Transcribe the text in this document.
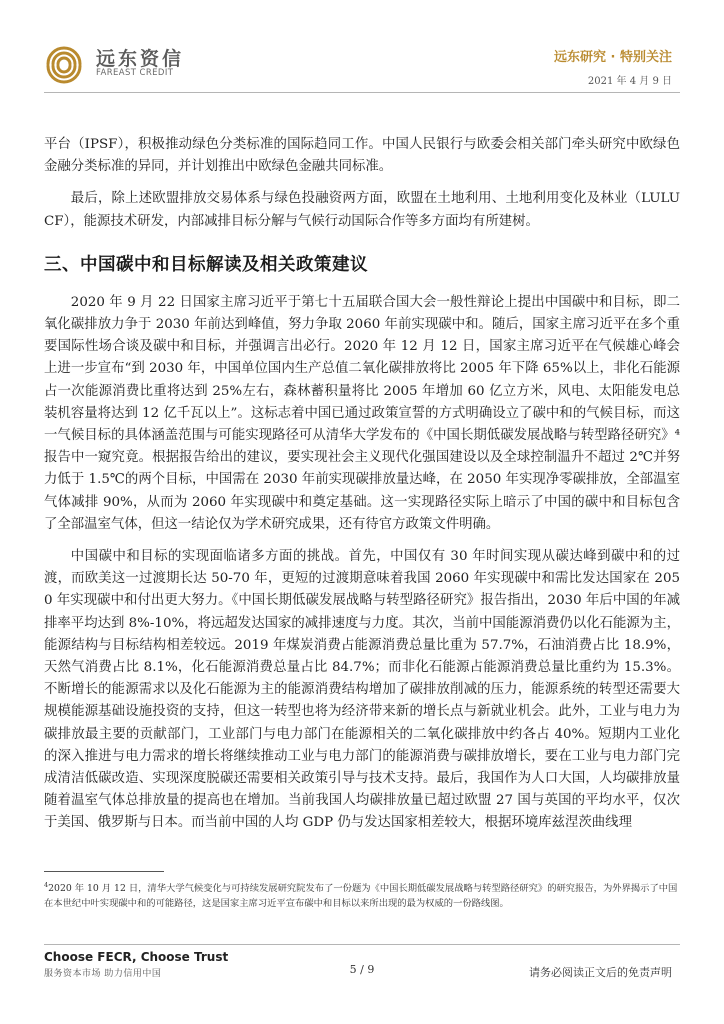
远东资信
FAREAST CREDIT
远东研究 · 特别关注
2021 年 4 月 9 日

平台（IPSF），积极推动绿色分类标准的国际趋同工作。中国人民银行与欧委会相关部门牵头研究中欧绿色金融分类标准的异同，并计划推出中欧绿色金融共同标准。

最后，除上述欧盟排放交易体系与绿色投融资两方面，欧盟在土地利用、土地利用变化及林业（LULUCF），能源技术研发，内部减排目标分解与气候行动国际合作等多方面均有所建树。

三、中国碳中和目标解读及相关政策建议

2020 年 9 月 22 日国家主席习近平于第七十五届联合国大会一般性辩论上提出中国碳中和目标，即二氧化碳排放力争于 2030 年前达到峰值，努力争取 2060 年前实现碳中和。随后，国家主席习近平在多个重要国际性场合谈及碳中和目标，并强调言出必行。2020 年 12 月 12 日，国家主席习近平在气候雄心峰会上进一步宣布“到 2030 年，中国单位国内生产总值二氧化碳排放将比 2005 年下降 65%以上，非化石能源占一次能源消费比重将达到 25%左右，森林蓄积量将比 2005 年增加 60 亿立方米，风电、太阳能发电总装机容量将达到 12 亿千瓦以上”。这标志着中国已通过政策宣誓的方式明确设立了碳中和的气候目标，而这一气候目标的具体涵盖范围与可能实现路径可从清华大学发布的《中国长期低碳发展战略与转型路径研究》⁴报告中一窥究竟。根据报告给出的建议，要实现社会主义现代化强国建设以及全球控制温升不超过 2℃并努力低于 1.5℃的两个目标，中国需在 2030 年前实现碳排放量达峰，在 2050 年实现净零碳排放，全部温室气体减排 90%，从而为 2060 年实现碳中和奠定基础。这一实现路径实际上暗示了中国的碳中和目标包含了全部温室气体，但这一结论仅为学术研究成果，还有待官方政策文件明确。

中国碳中和目标的实现面临诸多方面的挑战。首先，中国仅有 30 年时间实现从碳达峰到碳中和的过渡，而欧美这一过渡期长达 50-70 年，更短的过渡期意味着我国 2060 年实现碳中和需比发达国家在 2050 年实现碳中和付出更大努力。《中国长期低碳发展战略与转型路径研究》报告指出，2030 年后中国的年减排率平均达到 8%-10%，将远超发达国家的减排速度与力度。其次，当前中国能源消费仍以化石能源为主，能源结构与目标结构相差较远。2019 年煤炭消费占能源消费总量比重为 57.7%，石油消费占比 18.9%，天然气消费占比 8.1%，化石能源消费总量占比 84.7%；而非化石能源占能源消费总量比重约为 15.3%。不断增长的能源需求以及化石能源为主的能源消费结构增加了碳排放削减的压力，能源系统的转型还需要大规模能源基础设施投资的支持，但这一转型也将为经济带来新的增长点与新就业机会。此外，工业与电力为碳排放最主要的贡献部门，工业部门与电力部门在能源相关的二氧化碳排放中约各占 40%。短期内工业化的深入推进与电力需求的增长将继续推动工业与电力部门的能源消费与碳排放增长，要在工业与电力部门完成清洁低碳改造、实现深度脱碳还需要相关政策引导与技术支持。最后，我国作为人口大国，人均碳排放量随着温室气体总排放量的提高也在增加。当前我国人均碳排放量已超过欧盟 27 国与英国的平均水平，仅次于美国、俄罗斯与日本。而当前中国的人均 GDP 仍与发达国家相差较大，根据环境库兹涅茨曲线理

$^4$2020 年 10 月 12 日，清华大学气候变化与可持续发展研究院发布了一份题为《中国长期低碳发展战略与转型路径研究》的研究报告，为外界揭示了中国在本世纪中叶实现碳中和的可能路径，这是国家主席习近平宣布碳中和目标以来所出现的最为权威的一份路线图。
Choose FECR, Choose Trust
服务资本市场 助力信用中国	5 / 9	请务必阅读正文后的免责声明
